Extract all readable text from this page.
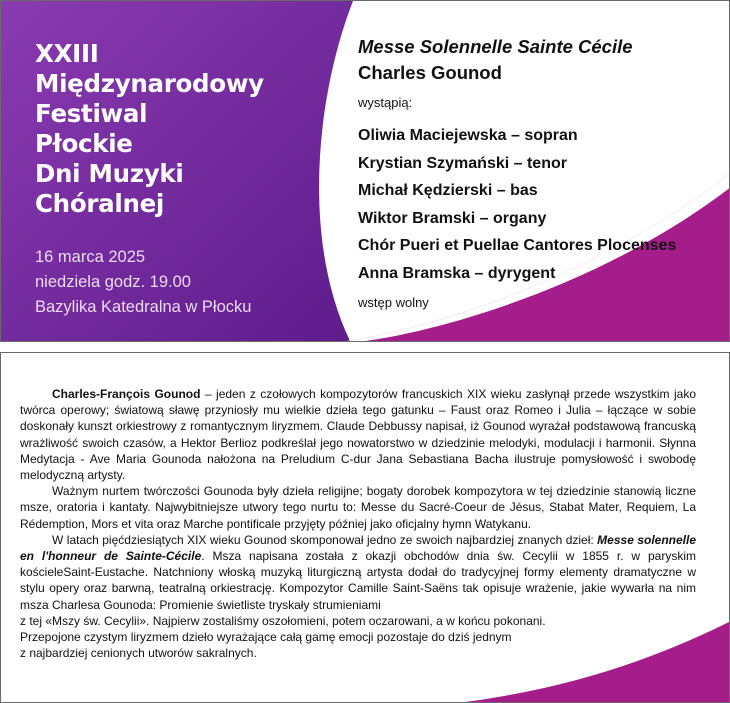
XXIII
Międzynarodowy
Festiwal
Płockie
Dni Muzyki
Chóralnej
16 marca 2025
niedziela godz. 19.00
Bazylika Katedralna w Płocku
Messe Solennelle Sainte Cécile
Charles Gounod
wystąpią:
Oliwia Maciejewska – sopran
Krystian Szymański – tenor
Michał Kędzierski – bas
Wiktor Bramski – organy
Chór Pueri et Puellae Cantores Plocenses
Anna Bramska – dyrygent
wstęp wolny

Charles-François Gounod – jeden z czołowych kompozytorów francuskich XIX wieku zasłynął przede wszystkim jako twórca operowy; światową sławę przyniosły mu wielkie dzieła tego gatunku – Faust oraz Romeo i Julia – łączące w sobie doskonały kunszt orkiestrowy z romantycznym liryzmem. Claude Debbussy napisał, iż Gounod wyrażał podstawową francuską wrażliwość swoich czasów, a Hektor Berlioz podkreślał jego nowatorstwo w dziedzinie melodyki, modulacji i harmonii. Słynna Medytacja - Ave Maria Gounoda nałożona na Preludium C-dur Jana Sebastiana Bacha ilustruje pomysłowość i swobodę melodyczną artysty.

Ważnym nurtem twórczości Gounoda były dzieła religijne; bogaty dorobek kompozytora w tej dziedzinie stanowią liczne msze, oratoria i kantaty. Najwybitniejsze utwory tego nurtu to: Messe du Sacré-Coeur de Jésus, Stabat Mater, Requiem, La Rédemption, Mors et vita oraz Marche pontificale przyjęty później jako oficjalny hymn Watykanu.

W latach pięćdziesiątych XIX wieku Gounod skomponował jedno ze swoich najbardziej znanych dzieł: Messe solennelle en l'honneur de Sainte-Cécile. Msza napisana została z okazji obchodów dnia św. Cecylii w 1855 r. w paryskim kościeleSaint-Eustache. Natchniony włoską muzyką liturgiczną artysta dodał do tradycyjnej formy elementy dramatyczne w stylu opery oraz barwną, teatralną orkiestrację. Kompozytor Camille Saint-Saëns tak opisuje wrażenie, jakie wywarła na nim msza Charlesa Gounoda: Promienie świetliste tryskały strumieniami

z tej «Mszy św. Cecylii». Najpierw zostaliśmy oszołomieni, potem oczarowani, a w końcu pokonani.

Przepojone czystym liryzmem dzieło wyrażające całą gamę emocji pozostaje do dziś jednym

z najbardziej cenionych utworów sakralnych.
